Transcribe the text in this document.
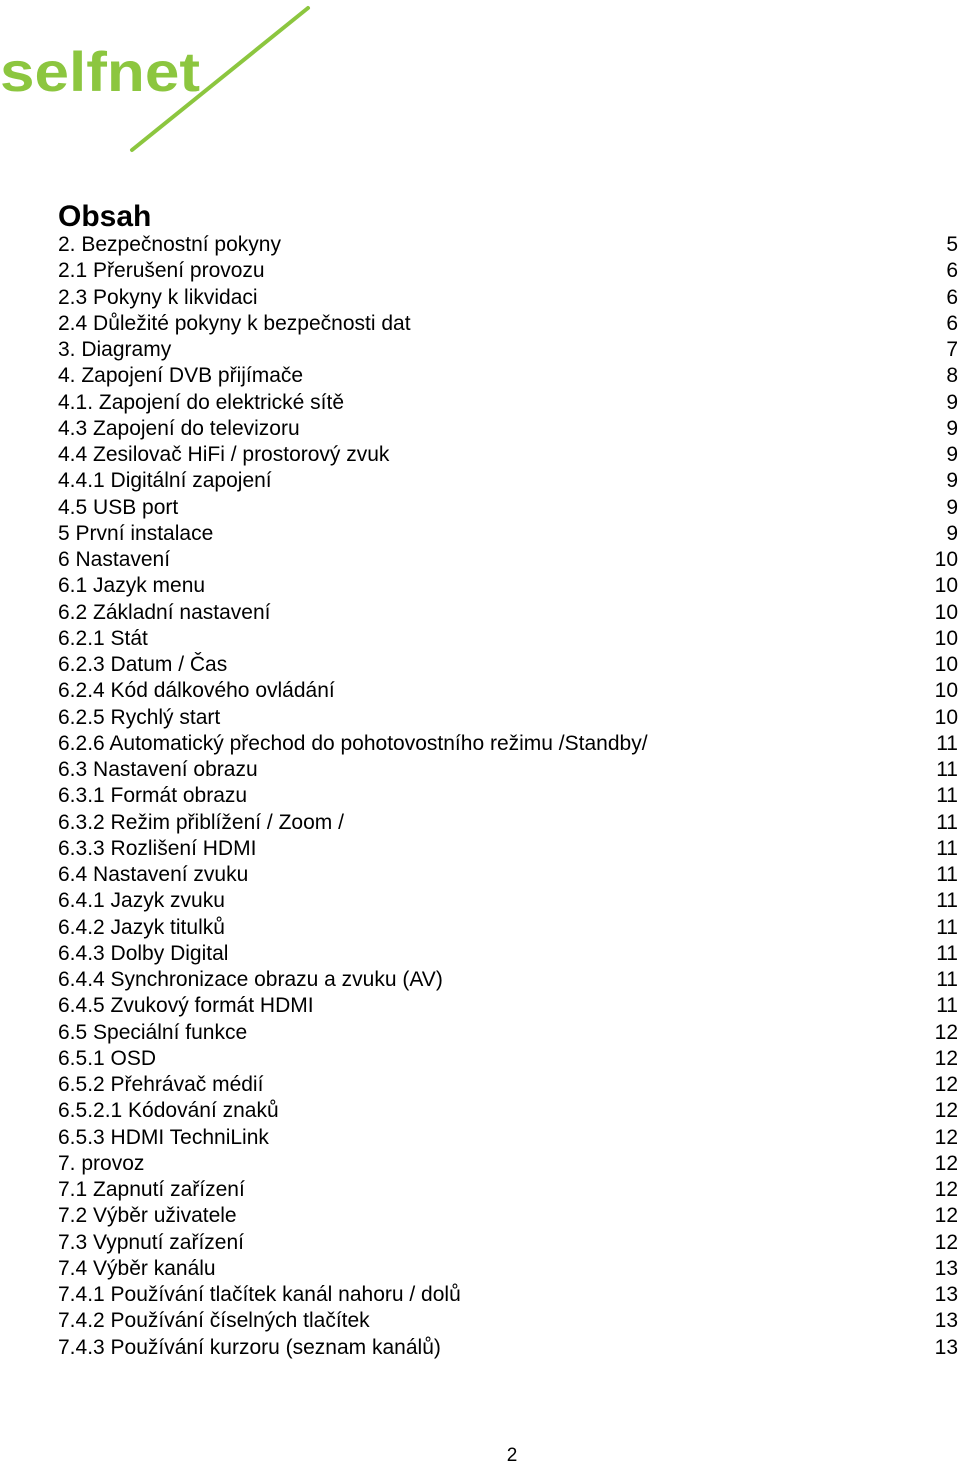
selfnet
Obsah
2. Bezpečnostní pokyny	5
2.1 Přerušení provozu	6
2.3 Pokyny k likvidaci	6
2.4 Důležité pokyny k bezpečnosti dat	6
3. Diagramy	7
4. Zapojení DVB přijímače	8
4.1. Zapojení do elektrické sítě	9
4.3 Zapojení do televizoru	9
4.4 Zesilovač HiFi / prostorový zvuk	9
4.4.1 Digitální zapojení	9
4.5 USB port	9
5 První instalace	9
6 Nastavení	10
6.1 Jazyk menu	10
6.2 Základní nastavení	10
6.2.1 Stát	10
6.2.3 Datum / Čas	10
6.2.4 Kód dálkového ovládání	10
6.2.5 Rychlý start	10
6.2.6 Automatický přechod do pohotovostního režimu /Standby/	11
6.3 Nastavení obrazu	11
6.3.1 Formát obrazu	11
6.3.2 Režim přiblížení / Zoom /	11
6.3.3 Rozlišení HDMI	11
6.4 Nastavení zvuku	11
6.4.1 Jazyk zvuku	11
6.4.2 Jazyk titulků	11
6.4.3 Dolby Digital	11
6.4.4 Synchronizace obrazu a zvuku (AV)	11
6.4.5 Zvukový formát HDMI	11
6.5 Speciální funkce	12
6.5.1 OSD	12
6.5.2 Přehrávač médií	12
6.5.2.1 Kódování znaků	12
6.5.3 HDMI TechniLink	12
7. provoz	12
7.1 Zapnutí zařízení	12
7.2 Výběr uživatele	12
7.3 Vypnutí zařízení	12
7.4 Výběr kanálu	13
7.4.1 Používání tlačítek kanál nahoru / dolů	13
7.4.2 Používání číselných tlačítek	13
7.4.3 Používání kurzoru (seznam kanálů)	13
2
